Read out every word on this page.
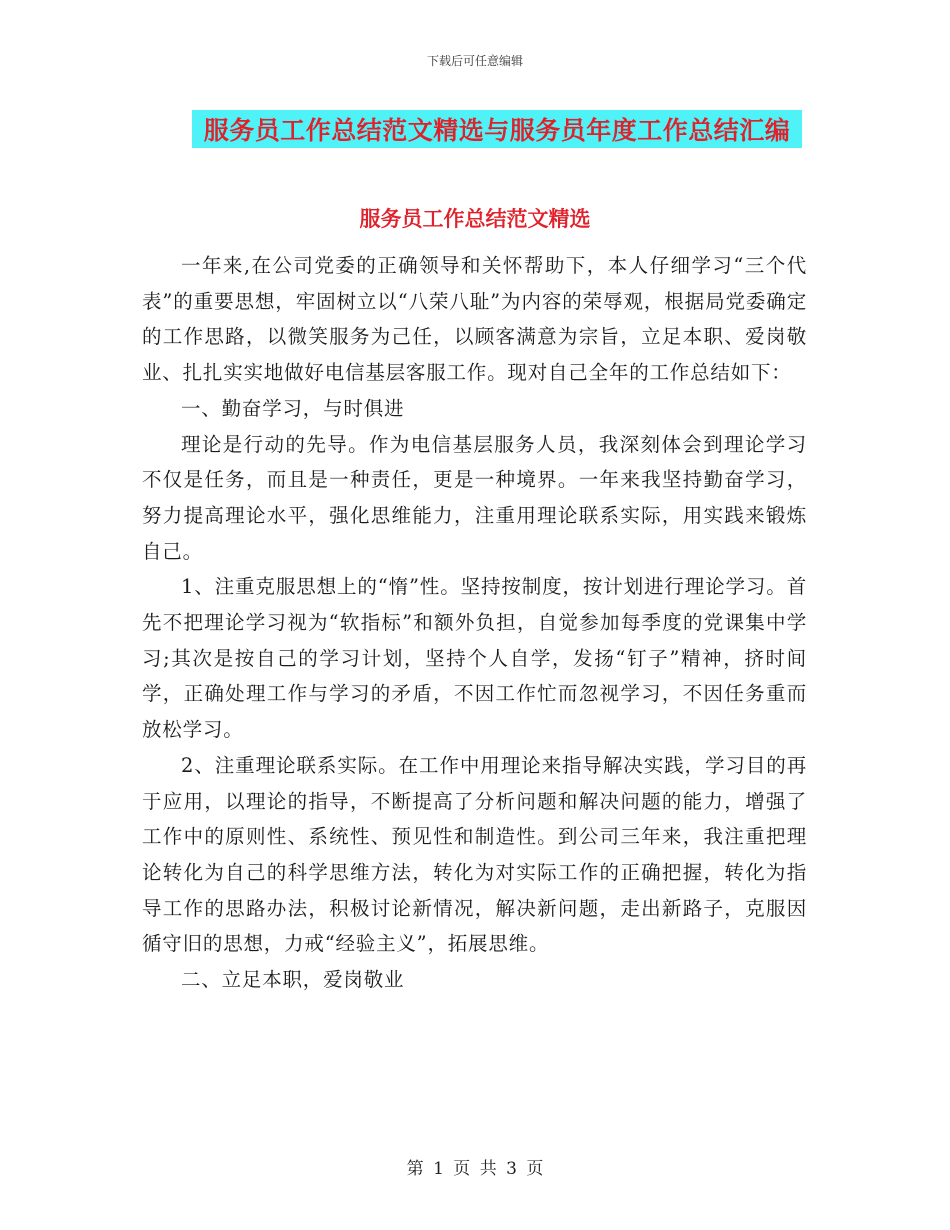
下载后可任意编辑
服务员工作总结范文精选与服务员年度工作总结汇编
服务员工作总结范文精选

一年来,在公司党委的正确领导和关怀帮助下，本人仔细学习“三个代表”的重要思想，牢固树立以“八荣八耻”为内容的荣辱观，根据局党委确定的工作思路，以微笑服务为己任，以顾客满意为宗旨，立足本职、爱岗敬业、扎扎实实地做好电信基层客服工作。现对自己全年的工作总结如下：

一、勤奋学习，与时俱进

理论是行动的先导。作为电信基层服务人员，我深刻体会到理论学习不仅是任务，而且是一种责任，更是一种境界。一年来我坚持勤奋学习，努力提高理论水平，强化思维能力，注重用理论联系实际，用实践来锻炼自己。

1、注重克服思想上的“惰”性。坚持按制度，按计划进行理论学习。首先不把理论学习视为“软指标”和额外负担，自觉参加每季度的党课集中学习;其次是按自己的学习计划，坚持个人自学，发扬“钉子”精神，挤时间学，正确处理工作与学习的矛盾，不因工作忙而忽视学习，不因任务重而放松学习。

2、注重理论联系实际。在工作中用理论来指导解决实践，学习目的再于应用，以理论的指导，不断提高了分析问题和解决问题的能力，增强了工作中的原则性、系统性、预见性和制造性。到公司三年来，我注重把理论转化为自己的科学思维方法，转化为对实际工作的正确把握，转化为指导工作的思路办法，积极讨论新情况，解决新问题，走出新路子，克服因循守旧的思想，力戒“经验主义”，拓展思维。

二、立足本职，爱岗敬业

第 1 页 共 3 页
